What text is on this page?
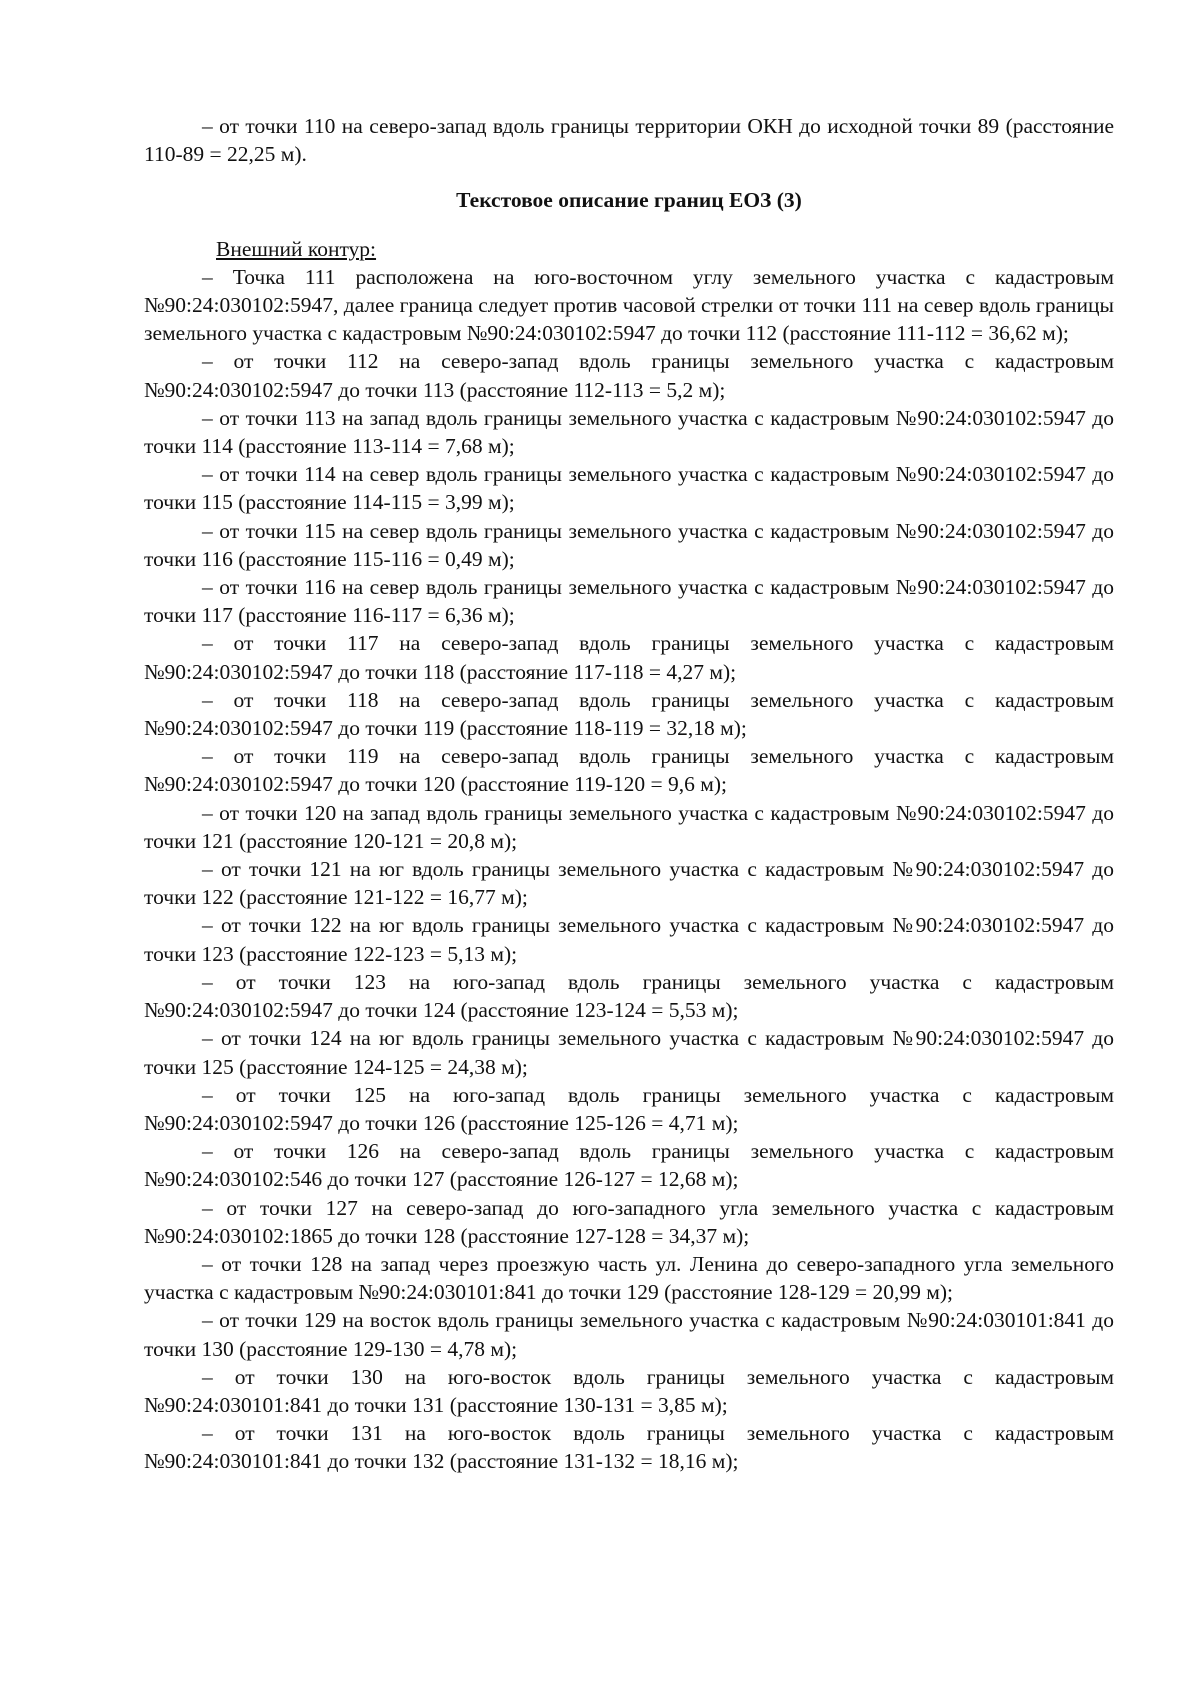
– от точки 110 на северо-запад вдоль границы территории ОКН до исходной точки 89 (расстояние 110-89 = 22,25 м).

Текстовое описание границ ЕОЗ (3)

Внешний контур:

– Точка 111 расположена на юго-восточном углу земельного участка с кадастровым №90:24:030102:5947, далее граница следует против часовой стрелки от точки 111 на север вдоль границы земельного участка с кадастровым №90:24:030102:5947 до точки 112 (расстояние 111-112 = 36,62 м);

– от точки 112 на северо-запад вдоль границы земельного участка с кадастровым №90:24:030102:5947 до точки 113 (расстояние 112-113 = 5,2 м);

– от точки 113 на запад вдоль границы земельного участка с кадастровым №90:24:030102:5947 до точки 114 (расстояние 113-114 = 7,68 м);

– от точки 114 на север вдоль границы земельного участка с кадастровым №90:24:030102:5947 до точки 115 (расстояние 114-115 = 3,99 м);

– от точки 115 на север вдоль границы земельного участка с кадастровым №90:24:030102:5947 до точки 116 (расстояние 115-116 = 0,49 м);

– от точки 116 на север вдоль границы земельного участка с кадастровым №90:24:030102:5947 до точки 117 (расстояние 116-117 = 6,36 м);

– от точки 117 на северо-запад вдоль границы земельного участка с кадастровым №90:24:030102:5947 до точки 118 (расстояние 117-118 = 4,27 м);

– от точки 118 на северо-запад вдоль границы земельного участка с кадастровым №90:24:030102:5947 до точки 119 (расстояние 118-119 = 32,18 м);

– от точки 119 на северо-запад вдоль границы земельного участка с кадастровым №90:24:030102:5947 до точки 120 (расстояние 119-120 = 9,6 м);

– от точки 120 на запад вдоль границы земельного участка с кадастровым №90:24:030102:5947 до точки 121 (расстояние 120-121 = 20,8 м);

– от точки 121 на юг вдоль границы земельного участка с кадастровым №90:24:030102:5947 до точки 122 (расстояние 121-122 = 16,77 м);

– от точки 122 на юг вдоль границы земельного участка с кадастровым №90:24:030102:5947 до точки 123 (расстояние 122-123 = 5,13 м);

– от точки 123 на юго-запад вдоль границы земельного участка с кадастровым №90:24:030102:5947 до точки 124 (расстояние 123-124 = 5,53 м);

– от точки 124 на юг вдоль границы земельного участка с кадастровым №90:24:030102:5947 до точки 125 (расстояние 124-125 = 24,38 м);

– от точки 125 на юго-запад вдоль границы земельного участка с кадастровым №90:24:030102:5947 до точки 126 (расстояние 125-126 = 4,71 м);

– от точки 126 на северо-запад вдоль границы земельного участка с кадастровым №90:24:030102:546 до точки 127 (расстояние 126-127 = 12,68 м);

– от точки 127 на северо-запад до юго-западного угла земельного участка с кадастровым №90:24:030102:1865 до точки 128 (расстояние 127-128 = 34,37 м);

– от точки 128 на запад через проезжую часть ул. Ленина до северо-западного угла земельного участка с кадастровым №90:24:030101:841 до точки 129 (расстояние 128-129 = 20,99 м);

– от точки 129 на восток вдоль границы земельного участка с кадастровым №90:24:030101:841 до точки 130 (расстояние 129-130 = 4,78 м);

– от точки 130 на юго-восток вдоль границы земельного участка с кадастровым №90:24:030101:841 до точки 131 (расстояние 130-131 = 3,85 м);

– от точки 131 на юго-восток вдоль границы земельного участка с кадастровым №90:24:030101:841 до точки 132 (расстояние 131-132 = 18,16 м);
